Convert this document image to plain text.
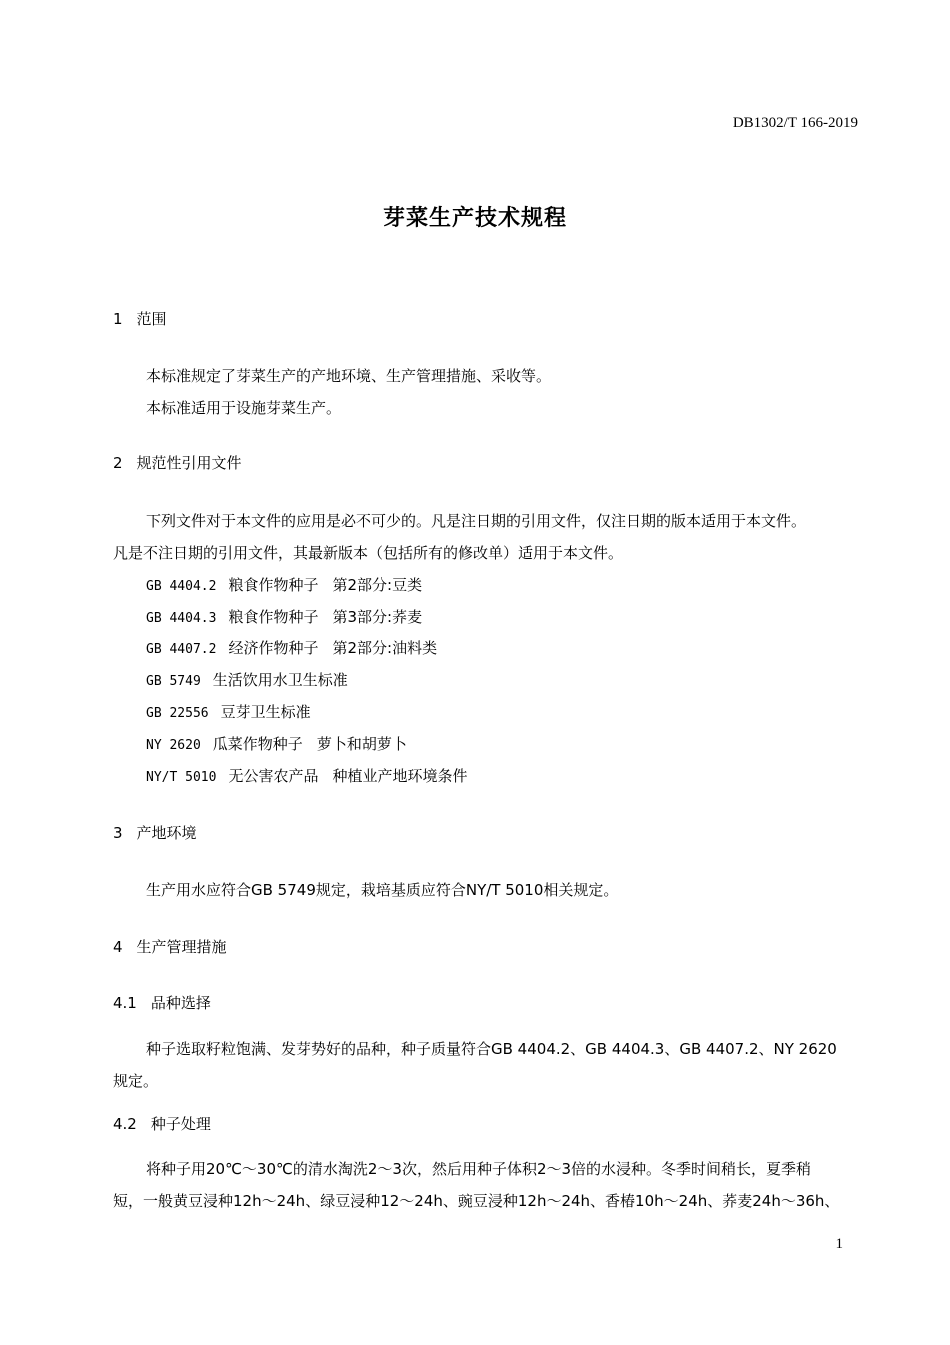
DB1302/T 166-2019
芽菜生产技术规程
1 范围
本标准规定了芽菜生产的产地环境、生产管理措施、采收等。
本标准适用于设施芽菜生产。
2 规范性引用文件
下列文件对于本文件的应用是必不可少的。凡是注日期的引用文件，仅注日期的版本适用于本文件。
凡是不注日期的引用文件，其最新版本（包括所有的修改单）适用于本文件。
GB 4404.2 粮食作物种子 第2部分:豆类
GB 4404.3 粮食作物种子 第3部分:荞麦
GB 4407.2 经济作物种子 第2部分:油料类
GB 5749 生活饮用水卫生标准
GB 22556 豆芽卫生标准
NY 2620 瓜菜作物种子 萝卜和胡萝卜
NY/T 5010 无公害农产品 种植业产地环境条件
3 产地环境
生产用水应符合GB 5749规定，栽培基质应符合NY/T 5010相关规定。
4 生产管理措施
4.1 品种选择
种子选取籽粒饱满、发芽势好的品种，种子质量符合GB 4404.2、GB 4404.3、GB 4407.2、NY 2620
规定。
4.2 种子处理
将种子用20℃～30℃的清水淘洗2～3次，然后用种子体积2～3倍的水浸种。冬季时间稍长，夏季稍
短，一般黄豆浸种12h～24h、绿豆浸种12～24h、豌豆浸种12h～24h、香椿10h～24h、荞麦24h～36h、
1
